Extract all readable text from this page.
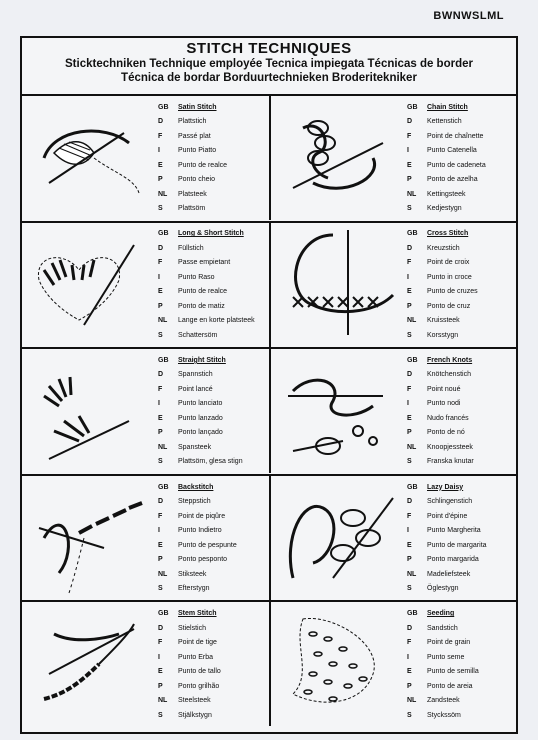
BWNWSLML
STITCH TECHNIQUES
Sticktechniken Technique employée Tecnica impiegata Técnicas de border
Técnica de bordar Borduurtechnieken Broderitekniker
GB	Satin Stitch
D	Plattstich
F	Passé plat
I	Punto Piatto
E	Punto de realce
P	Ponto cheio
NL	Platsteek
S	Plattsöm
GB	Chain Stitch
D	Kettenstich
F	Point de chaînette
I	Punto Catenella
E	Punto de cadeneta
P	Ponto de azelha
NL	Kettingsteek
S	Kedjestygn
GB	Long & Short Stitch
D	Füllstich
F	Passe empietant
I	Punto Raso
E	Punto de realce
P	Ponto de matiz
NL	Lange en korte platsteek
S	Schattersöm
GB	Cross Stitch
D	Kreuzstich
F	Point de croix
I	Punto in croce
E	Punto de cruzes
P	Ponto de cruz
NL	Kruissteek
S	Korsstygn
GB	Straight Stitch
D	Spannstich
F	Point lancé
I	Punto lanciato
E	Punto lanzado
P	Ponto lançado
NL	Spansteek
S	Plattsöm, glesa stign
GB	French Knots
D	Knötchenstich
F	Point noué
I	Punto nodi
E	Nudo francés
P	Ponto de nó
NL	Knoopjessteek
S	Franska knutar
GB	Backstitch
D	Steppstich
F	Point de piqûre
I	Punto Indietro
E	Punto de pespunte
P	Ponto pesponto
NL	Stiksteek
S	Efterstygn
GB	Lazy Daisy
D	Schlingenstich
F	Point d'épine
I	Punto Margherita
E	Punto de margarita
P	Ponto margarida
NL	Madeliefsteek
S	Öglestygn
GB	Stem Stitch
D	Stielstich
F	Point de tige
I	Punto Erba
E	Punto de tallo
P	Ponto grilhão
NL	Steelsteek
S	Stjälkstygn
GB	Seeding
D	Sandstich
F	Point de grain
I	Punto seme
E	Punto de semilla
P	Ponto de areia
NL	Zandsteek
S	Styckssöm
